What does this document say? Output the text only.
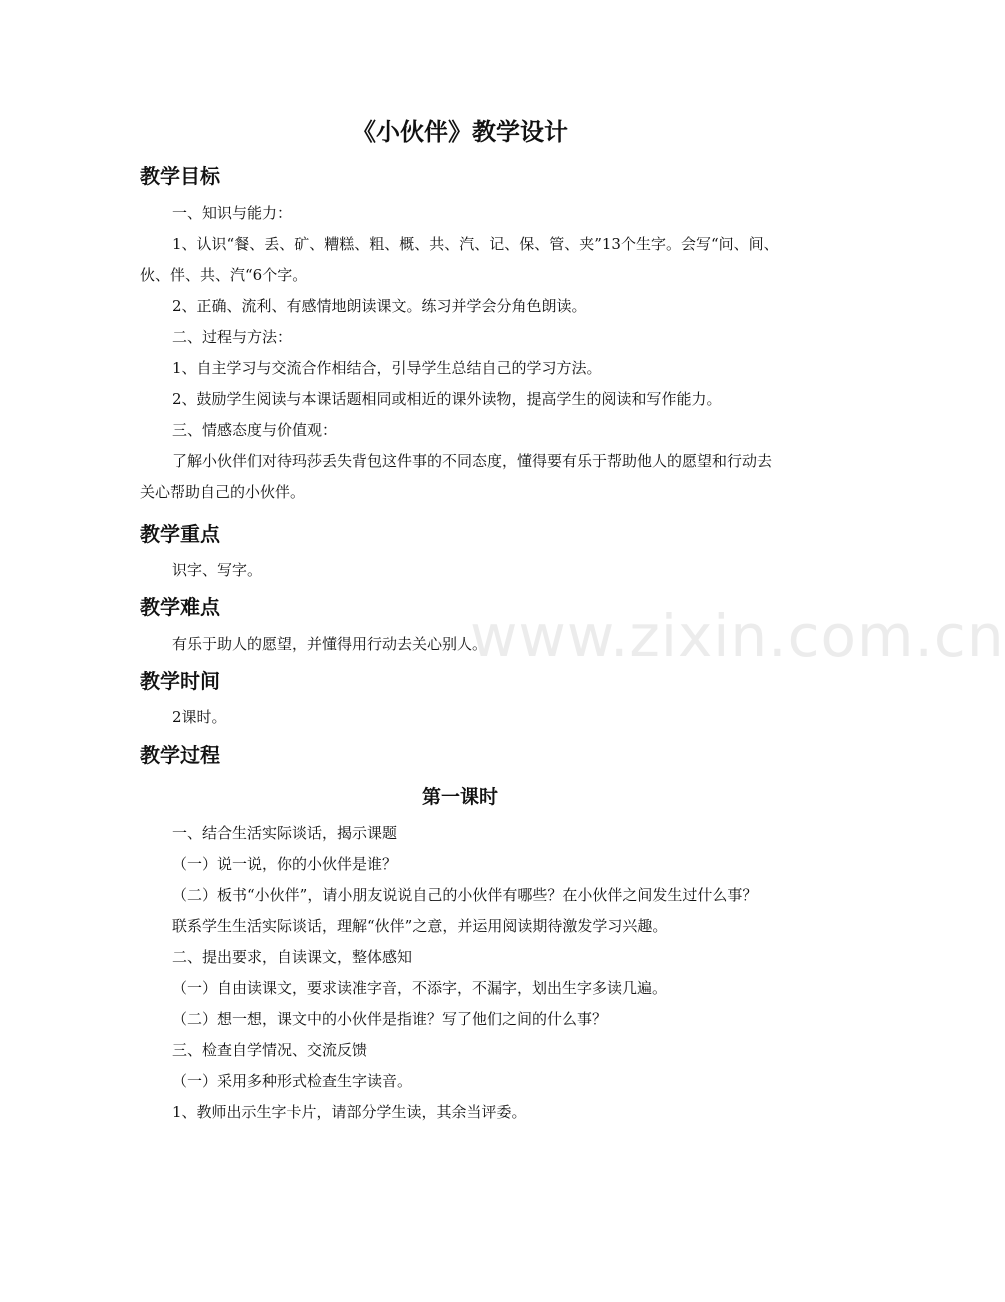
www.zixin.com.cn
《小伙伴》教学设计
教学目标
一、知识与能力：
1、认识“餐、丢、矿、糟糕、粗、概、共、汽、记、保、管、夹”13个生字。会写“问、间、伙、伴、共、汽“6个字。
2、正确、流利、有感情地朗读课文。练习并学会分角色朗读。
二、过程与方法：
1、自主学习与交流合作相结合，引导学生总结自己的学习方法。
2、鼓励学生阅读与本课话题相同或相近的课外读物，提高学生的阅读和写作能力。
三、情感态度与价值观：
了解小伙伴们对待玛莎丢失背包这件事的不同态度，懂得要有乐于帮助他人的愿望和行动去关心帮助自己的小伙伴。
教学重点
识字、写字。
教学难点
有乐于助人的愿望，并懂得用行动去关心别人。
教学时间
2课时。
教学过程
第一课时
一、结合生活实际谈话，揭示课题
（一）说一说，你的小伙伴是谁？
（二）板书“小伙伴”，请小朋友说说自己的小伙伴有哪些？在小伙伴之间发生过什么事？
联系学生生活实际谈话，理解“伙伴”之意，并运用阅读期待激发学习兴趣。
二、提出要求，自读课文，整体感知
（一）自由读课文，要求读准字音，不添字，不漏字，划出生字多读几遍。
（二）想一想，课文中的小伙伴是指谁？写了他们之间的什么事？
三、检查自学情况、交流反馈
（一）采用多种形式检查生字读音。
1、教师出示生字卡片，请部分学生读，其余当评委。
